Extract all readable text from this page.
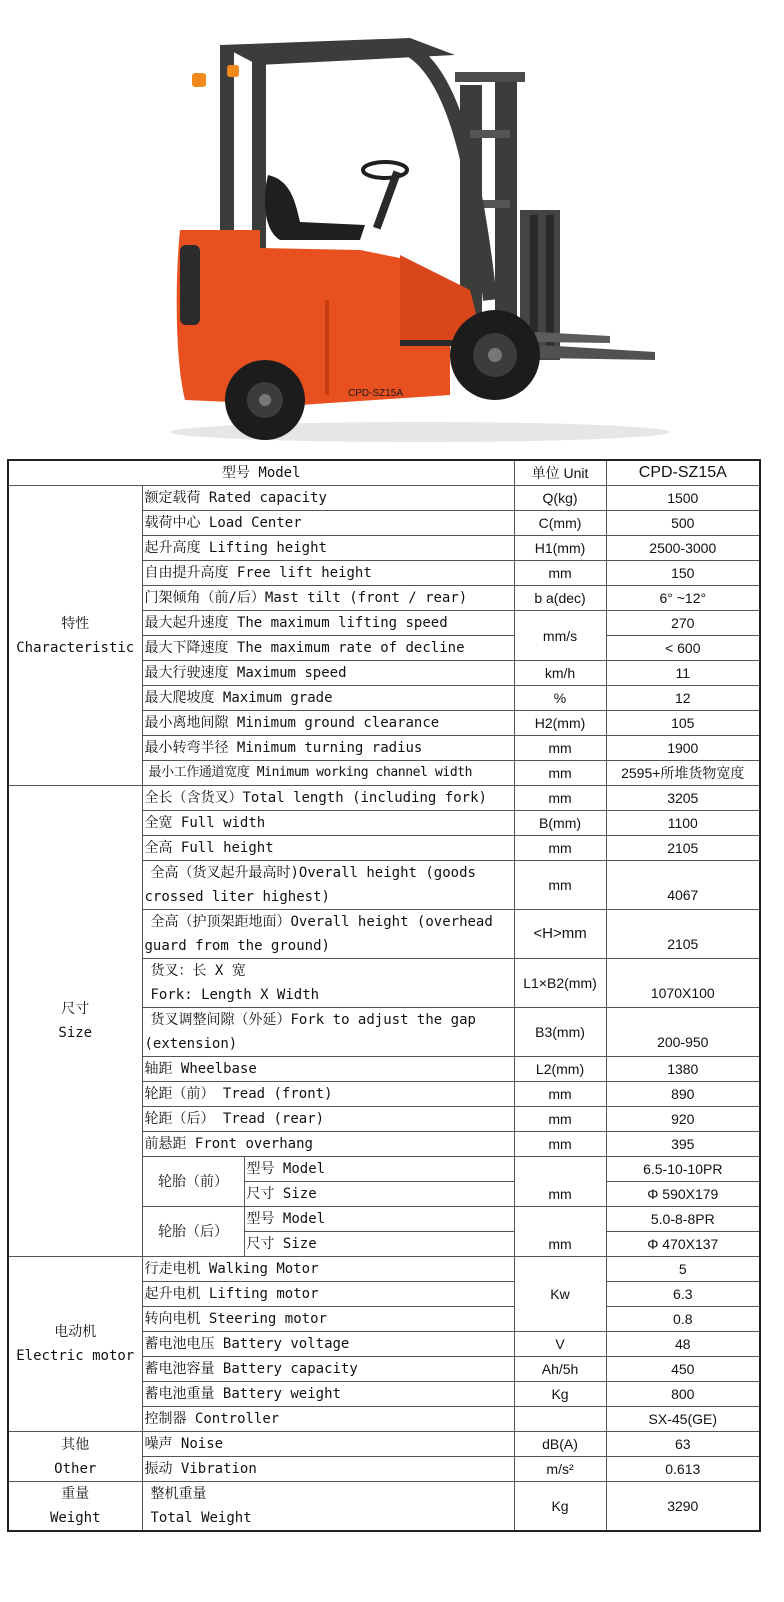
CPD-SZ15A
型号 Model			单位 Unit	CPD-SZ15A

特性
Characteristic	额定载荷 Rated capacity		Q(kg)	1500
	载荷中心 Load Center		C(mm)	500
	起升高度 Lifting height		H1(mm)	2500-3000
	自由提升高度 Free lift height		mm	150
	门架倾角（前/后）Mast tilt (front / rear)		b a(dec)	6° ~12°
	最大起升速度 The maximum lifting speed		mm/s	270
	最大下降速度 The maximum rate of decline			< 600
	最大行驶速度 Maximum speed		km/h	11
	最大爬坡度 Maximum grade		%	12
	最小离地间隙 Minimum ground clearance		H2(mm)	105
	最小转弯半径 Minimum turning radius		mm	1900
	最小工作通道宽度 Minimum working channel width		mm	2595+所堆货物宽度

尺寸
Size	全长（含货叉）Total length (including fork)		mm	3205
	全宽 Full width		B(mm)	1100
	全高 Full height		mm	2105

	全高（货叉起升最高时)Overall height (goods
crossed liter highest)		mm	4067

	全高（护顶架距地面）Overall height (overhead
guard from the ground)		<H>mm	2105

	货叉：长 X 宽
Fork: Length X Width		L1×B2(mm)	1070X100

	货叉调整间隙（外延）Fork to adjust the gap
(extension)		B3(mm)	200-950

	轴距 Wheelbase		L2(mm)	1380
	轮距（前） Tread (front)		mm	890
	轮距（后） Tread (rear)		mm	920
	前悬距 Front overhang		mm	395
	轮胎（前）	型号 Model	mm	6.5-10-10PR
		尺寸 Size		Φ 590X179
	轮胎（后）	型号 Model	mm	5.0-8-8PR
		尺寸 Size		Φ 470X137

电动机
Electric motor	行走电机 Walking Motor		Kw	5
	起升电机 Lifting motor			6.3
	转向电机 Steering motor			0.8
	蓄电池电压 Battery voltage		V	48
	蓄电池容量 Battery capacity		Ah/5h	450
	蓄电池重量 Battery weight		Kg	800
	控制器 Controller			SX-45(GE)

其他
Other	噪声 Noise		dB(A)	63
	振动 Vibration		m/s²	0.613

重量
Weight	整机重量
Total Weight		Kg	3290
